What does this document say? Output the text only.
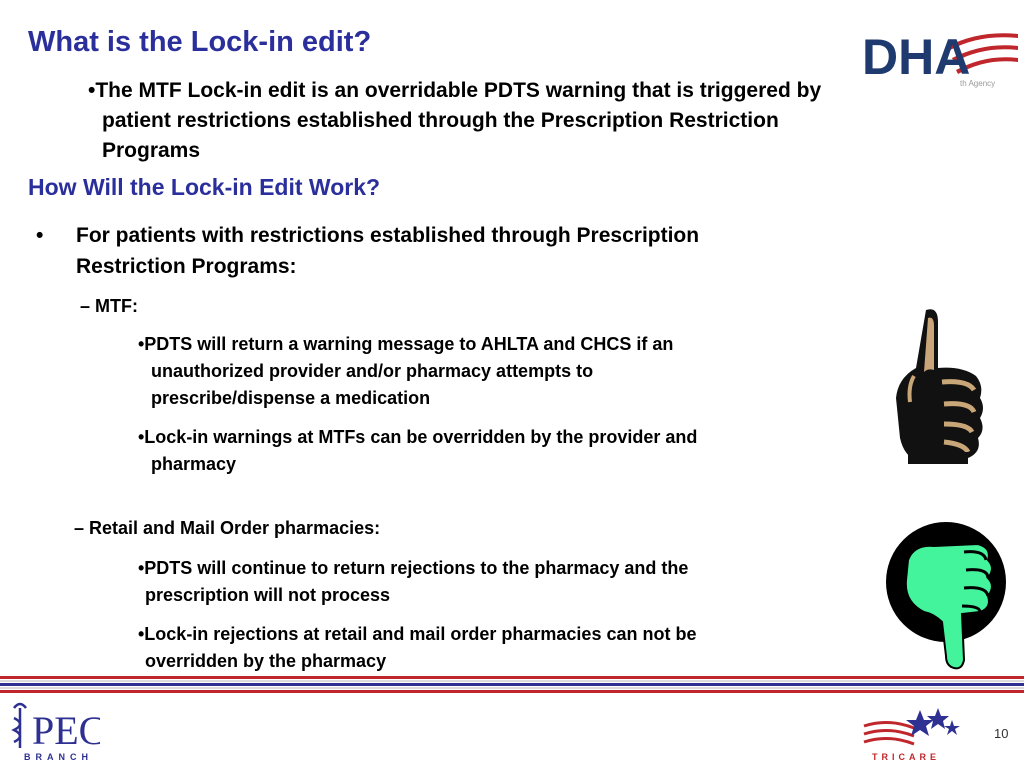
What is the Lock-in edit?	DHA
th Agency
•The MTF Lock-in edit is an overridable PDTS warning that is triggered by
patient restrictions established through the Prescription Restriction
Programs
How Will the Lock-in Edit Work?
•	For patients with restrictions established through Prescription
Restriction Programs:
– MTF:
•PDTS will return a warning message to AHLTA and CHCS if an
unauthorized provider and/or pharmacy attempts to
prescribe/dispense a medication
•Lock-in warnings at MTFs can be overridden by the provider and
pharmacy
– Retail and Mail Order pharmacies:
•PDTS will continue to return rejections to the pharmacy and the
prescription will not process
•Lock-in rejections at retail and mail order pharmacies can not be
overridden by the pharmacy
PEC
BRANCH	TRICARE
10
